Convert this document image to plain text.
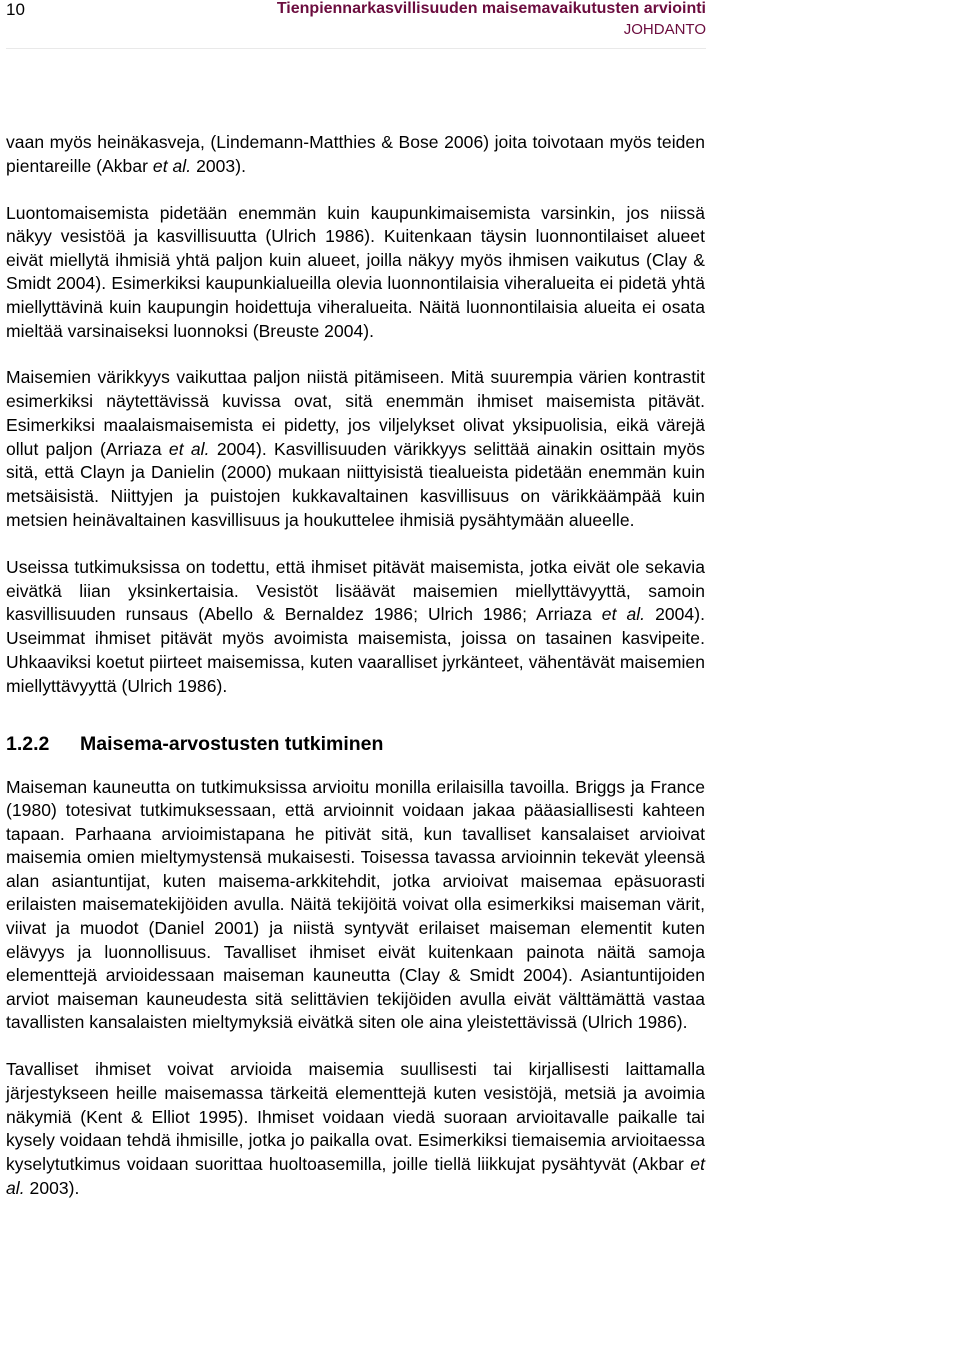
10	Tienpiennarkasvillisuuden maisemavaikutusten arviointi
JOHDANTO

vaan myös heinäkasveja, (Lindemann-Matthies & Bose 2006) joita toivotaan myös teiden pientareille (Akbar et al. 2003).

Luontomaisemista pidetään enemmän kuin kaupunkimaisemista varsinkin, jos niissä näkyy vesistöä ja kasvillisuutta (Ulrich 1986). Kuitenkaan täysin luonnontilaiset alueet eivät miellytä ihmisiä yhtä paljon kuin alueet, joilla näkyy myös ihmisen vaikutus (Clay & Smidt 2004). Esimerkiksi kaupunkialueilla olevia luonnontilaisia viheralueita ei pidetä yhtä miellyttävinä kuin kaupungin hoidettuja viheralueita. Näitä luonnontilaisia alueita ei osata mieltää varsinaiseksi luonnoksi (Breuste 2004).

Maisemien värikkyys vaikuttaa paljon niistä pitämiseen. Mitä suurempia värien kontrastit esimerkiksi näytettävissä kuvissa ovat, sitä enemmän ihmiset maisemista pitävät. Esimerkiksi maalaismaisemista ei pidetty, jos viljelykset olivat yksipuolisia, eikä värejä ollut paljon (Arriaza et al. 2004). Kasvillisuuden värikkyys selittää ainakin osittain myös sitä, että Clayn ja Danielin (2000) mukaan niittyisistä tiealueista pidetään enemmän kuin metsäisistä. Niittyjen ja puistojen kukkavaltainen kasvillisuus on värikkäämpää kuin metsien heinävaltainen kasvillisuus ja houkuttelee ihmisiä pysähtymään alueelle.

Useissa tutkimuksissa on todettu, että ihmiset pitävät maisemista, jotka eivät ole sekavia eivätkä liian yksinkertaisia. Vesistöt lisäävät maisemien miellyttävyyttä, samoin kasvillisuuden runsaus (Abello & Bernaldez 1986; Ulrich 1986; Arriaza et al. 2004). Useimmat ihmiset pitävät myös avoimista maisemista, joissa on tasainen kasvipeite. Uhkaaviksi koetut piirteet maisemissa, kuten vaaralliset jyrkänteet, vähentävät maisemien miellyttävyyttä (Ulrich 1986).

1.2.2 Maisema-arvostusten tutkiminen

Maiseman kauneutta on tutkimuksissa arvioitu monilla erilaisilla tavoilla. Briggs ja France (1980) totesivat tutkimuksessaan, että arvioinnit voidaan jakaa pääasiallisesti kahteen tapaan. Parhaana arvioimistapana he pitivät sitä, kun tavalliset kansalaiset arvioivat maisemia omien mieltymystensä mukaisesti. Toisessa tavassa arvioinnin tekevät yleensä alan asiantuntijat, kuten maisema-arkkitehdit, jotka arvioivat maisemaa epäsuorasti erilaisten maisematekijöiden avulla. Näitä tekijöitä voivat olla esimerkiksi maiseman värit, viivat ja muodot (Daniel 2001) ja niistä syntyvät erilaiset maiseman elementit kuten elävyys ja luonnollisuus. Tavalliset ihmiset eivät kuitenkaan painota näitä samoja elementtejä arvioidessaan maiseman kauneutta (Clay & Smidt 2004). Asiantuntijoiden arviot maiseman kauneudesta sitä selittävien tekijöiden avulla eivät välttämättä vastaa tavallisten kansalaisten mieltymyksiä eivätkä siten ole aina yleistettävissä (Ulrich 1986).

Tavalliset ihmiset voivat arvioida maisemia suullisesti tai kirjallisesti laittamalla järjestykseen heille maisemassa tärkeitä elementtejä kuten vesistöjä, metsiä ja avoimia näkymiä (Kent & Elliot 1995). Ihmiset voidaan viedä suoraan arvioitavalle paikalle tai kysely voidaan tehdä ihmisille, jotka jo paikalla ovat. Esimerkiksi tiemaisemia arvioitaessa kyselytutkimus voidaan suorittaa huoltoasemilla, joille tiellä liikkujat pysähtyvät (Akbar et al. 2003).
